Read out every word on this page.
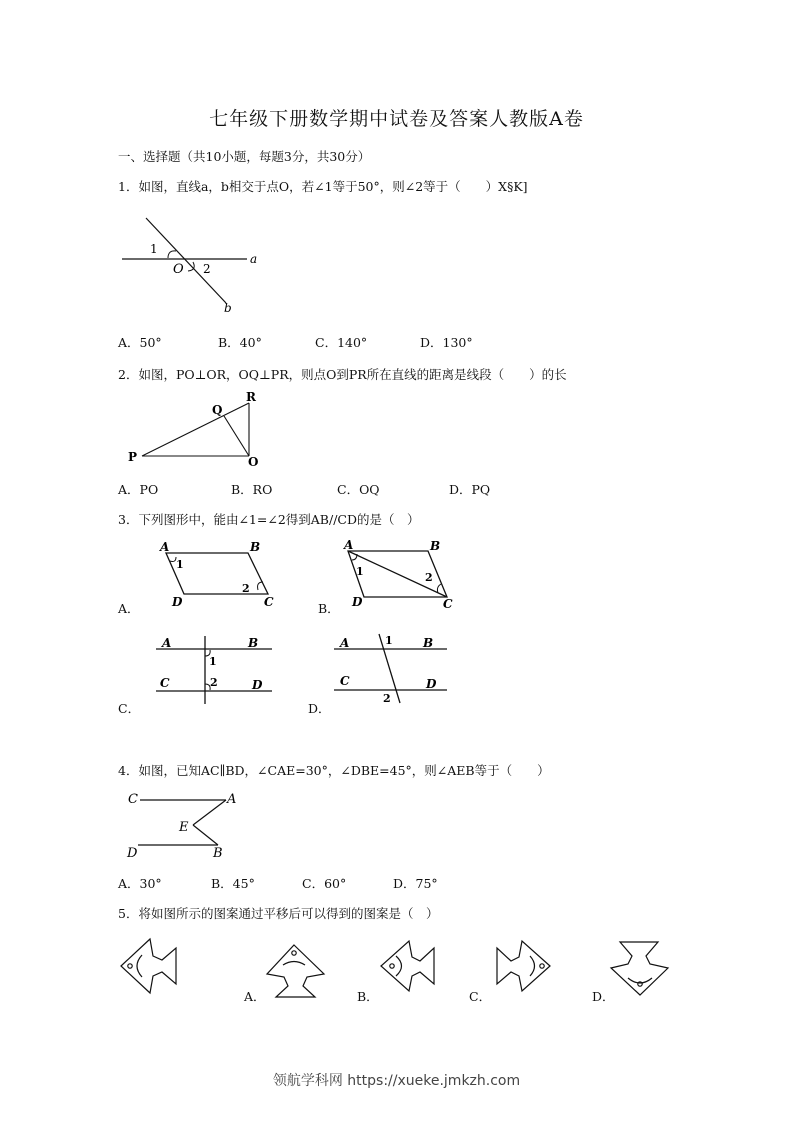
七年级下册数学期中试卷及答案人教版A卷
一、选择题（共10小题，每题3分，共30分）
1．如图，直线a，b相交于点O，若∠1等于50°，则∠2等于（　　）X§K]
1
O 2
a
b
A．50°	B．40°	C．140°	D．130°
2．如图，PO⊥OR，OQ⊥PR，则点O到PR所在直线的距离是线段（　　）的长
R
Q
P	O
A．PO	B．RO	C．OQ	D．PQ
3．下列图形中，能由∠1=∠2得到AB//CD的是（　）
A	B
C
D
1
2
A	B
C
D
1	2
A	B
C	D
1
2
A	B
C	D
1
2
A．	B．
C．	D．
4．如图，已知AC∥BD，∠CAE=30°，∠DBE=45°，则∠AEB等于（　　）
C	A
E
D	B
A．30°	B．45°	C．60°	D．75°
5．将如图所示的图案通过平移后可以得到的图案是（　）
A．	B．	C．	D．
领航学科网 https://xueke.jmkzh.com
